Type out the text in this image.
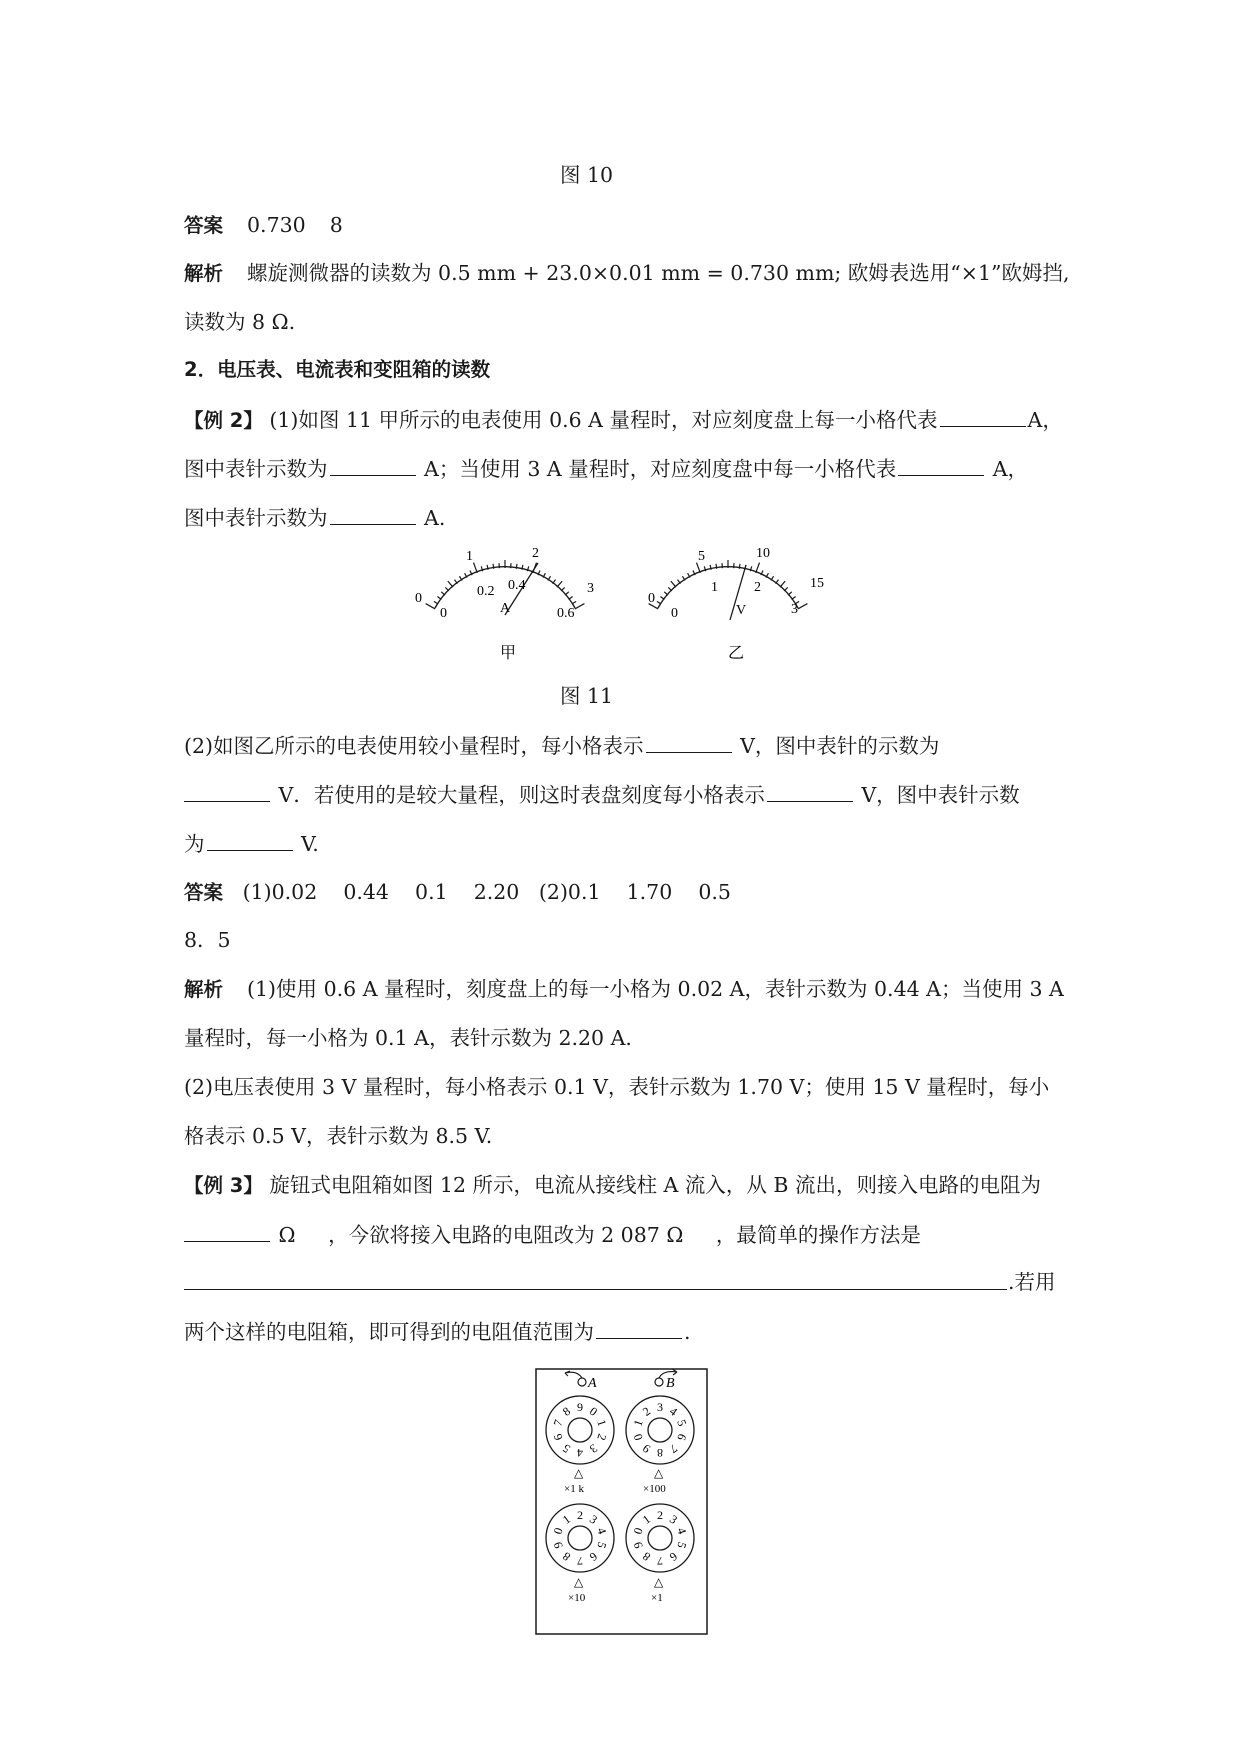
图 10
答案 0.730 8
解析 螺旋测微器的读数为 0.5 mm + 23.0×0.01 mm = 0.730 mm; 欧姆表选用“×1”欧姆挡,
读数为 8 Ω.
2．电压表、电流表和变阻箱的读数
【例 2】 (1)如图 11 甲所示的电表使用 0.6 A 量程时，对应刻度盘上每一小格代表	A，
图中表针示数为	A；当使用 3 A 量程时，对应刻度盘中每一小格代表	A，
图中表针示数为	A.
0
1	2
3
0.2 0.4
0	0.6
A
甲
0
5	10
15
1	2
0	3
V
乙
图 11
(2)如图乙所示的电表使用较小量程时，每小格表示	V，图中表针的示数为
V．若使用的是较大量程，则这时表盘刻度每小格表示	V，图中表针示数
为	V.
答案 (1)0.02    0.44    0.1    2.20   (2)0.1    1.70    0.5
8．5
解析 (1)使用 0.6 A 量程时，刻度盘上的每一小格为 0.02 A，表针示数为 0.44 A；当使用 3 A
量程时，每一小格为 0.1 A，表针示数为 2.20 A.
(2)电压表使用 3 V 量程时，每小格表示 0.1 V，表针示数为 1.70 V；使用 15 V 量程时，每小
格表示 0.5 V，表针示数为 8.5 V.
【例 3】 旋钮式电阻箱如图 12 所示，电流从接线柱 A 流入，从 B 流出，则接入电路的电阻为
Ω     ，今欲将接入电路的电阻改为 2 087 Ω     ，最简单的操作方法是
.若用
两个这样的电阻箱，即可得到的电阻值范围为	.
A	B
9 0
1
2
3
4
5
6
7
8
△
×1 k
3 4
5
6
7
8
9
0
1
2
△
×100
7
8
9
0
1 2 3
4
5
6
△
×10
7
8
9
0
1 2 3
4
5
6
△
×1
